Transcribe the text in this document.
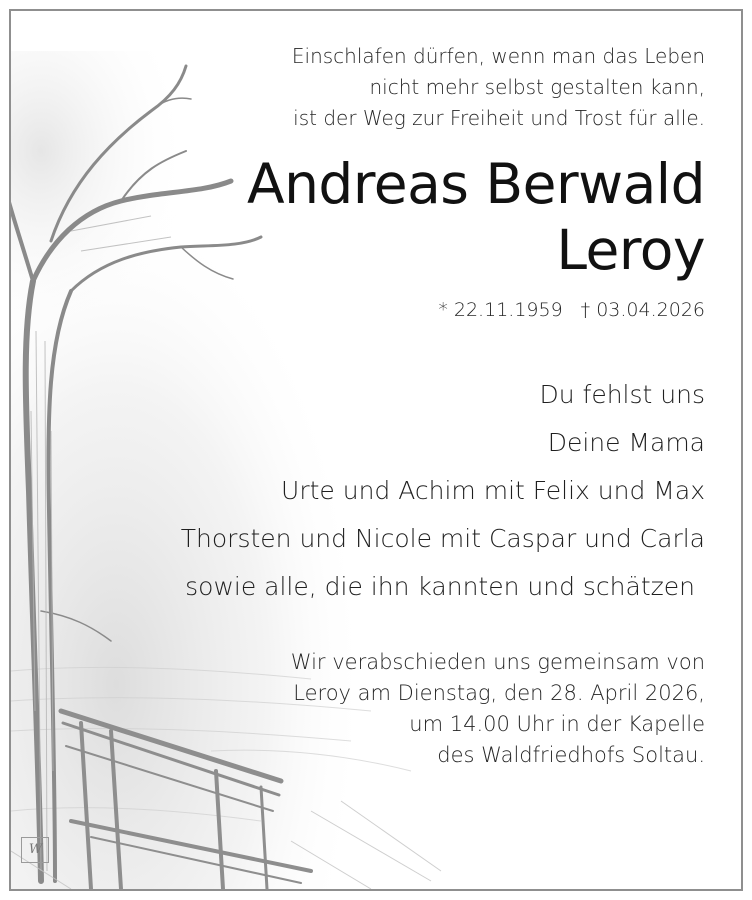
Einschlafen dürfen, wenn man das Leben
nicht mehr selbst gestalten kann,
ist der Weg zur Freiheit und Trost für alle.
Andreas Berwald
Leroy
* 22.11.1959 † 03.04.2026
Du fehlst uns
Deine Mama
Urte und Achim mit Felix und Max
Thorsten und Nicole mit Caspar und Carla
sowie alle, die ihn kannten und schätzen
Wir verabschieden uns gemeinsam von
Leroy am Dienstag, den 28. April 2026,
um 14.00 Uhr in der Kapelle
des Waldfriedhofs Soltau.
W
